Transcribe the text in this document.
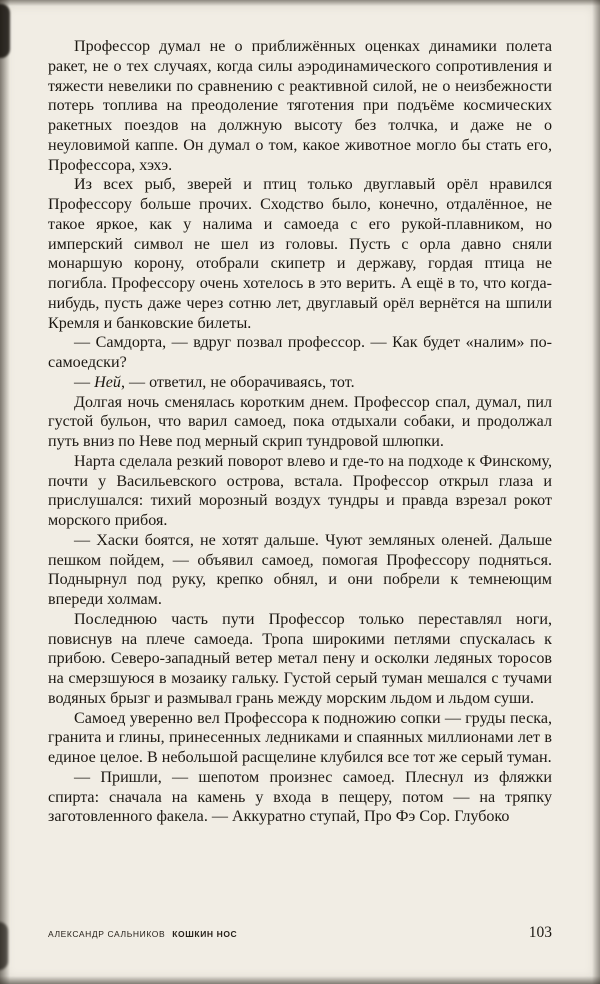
Профессор думал не о приближённых оценках динамики полета ракет, не о тех случаях, когда силы аэродинамического сопротивления и тяжести невелики по сравнению с реактивной силой, не о неизбежности потерь топлива на преодоление тяготения при подъёме космических ракетных поездов на должную высоту без толчка, и даже не о неуловимой каппе. Он думал о том, какое животное могло бы стать его, Профессора, хэхэ.

Из всех рыб, зверей и птиц только двуглавый орёл нравился Профессору больше прочих. Сходство было, конечно, отдалённое, не такое яркое, как у налима и самоеда с его рукой-плавником, но имперский символ не шел из головы. Пусть с орла давно сняли монаршую корону, отобрали скипетр и державу, гордая птица не погибла. Профессору очень хотелось в это верить. А ещё в то, что когда-нибудь, пусть даже через сотню лет, двуглавый орёл вернётся на шпили Кремля и банковские билеты.

— Самдорта, — вдруг позвал профессор. — Как будет «налим» по-самоедски?

— Ней, — ответил, не оборачиваясь, тот.

Долгая ночь сменялась коротким днем. Профессор спал, думал, пил густой бульон, что варил самоед, пока отдыхали собаки, и продолжал путь вниз по Неве под мерный скрип тундровой шлюпки.

Нарта сделала резкий поворот влево и где-то на подходе к Финскому, почти у Васильевского острова, встала. Профессор открыл глаза и прислушался: тихий морозный воздух тундры и правда взрезал рокот морского прибоя.

— Хаски боятся, не хотят дальше. Чуют земляных оленей. Дальше пешком пойдем, — объявил самоед, помогая Профессору подняться. Поднырнул под руку, крепко обнял, и они побрели к темнеющим впереди холмам.

Последнюю часть пути Профессор только переставлял ноги, повиснув на плече самоеда. Тропа широкими петлями спускалась к прибою. Северо-западный ветер метал пену и осколки ледяных торосов на смерзшуюся в мозаику гальку. Густой серый туман мешался с тучами водяных брызг и размывал грань между морским льдом и льдом суши.

Самоед уверенно вел Профессора к подножию сопки — груды песка, гранита и глины, принесенных ледниками и спаянных миллионами лет в единое целое. В небольшой расщелине клубился все тот же серый туман.

— Пришли, — шепотом произнес самоед. Плеснул из фляжки спирта: сначала на камень у входа в пещеру, потом — на тряпку заготовленного факела. — Аккуратно ступай, Про Фэ Сор. Глубоко

АЛЕКСАНДР САЛЬНИКОВ КОШКИН НОС	103
